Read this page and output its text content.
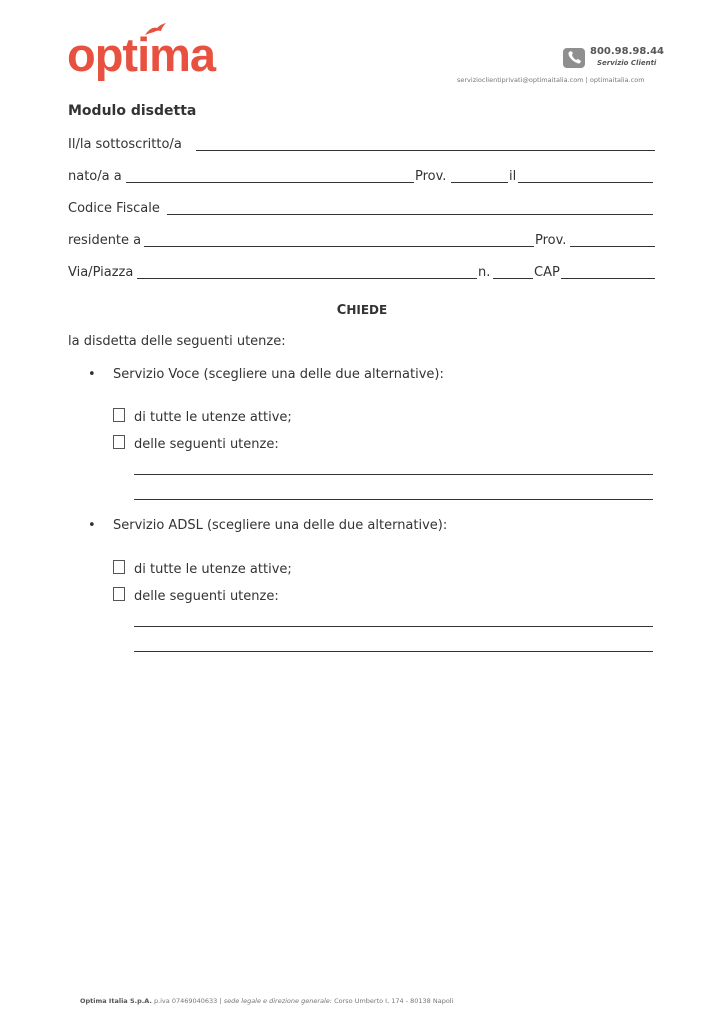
optima	800.98.98.44
Servizio Clienti
servizioclientiprivati@optimaitalia.com | optimaitalia.com
Modulo disdetta
Il/la sottoscritto/a
nato/a a	Prov.	il
Codice Fiscale
residente a	Prov.
Via/Piazza	n.	CAP
CHIEDE
la disdetta delle seguenti utenze:
• Servizio Voce (scegliere una delle due alternative):
di tutte le utenze attive;
delle seguenti utenze:
• Servizio ADSL (scegliere una delle due alternative):
di tutte le utenze attive;
delle seguenti utenze:
Optima Italia S.p.A. p.iva 07469040633 | sede legale e direzione generale: Corso Umberto I, 174 - 80138 Napoli
